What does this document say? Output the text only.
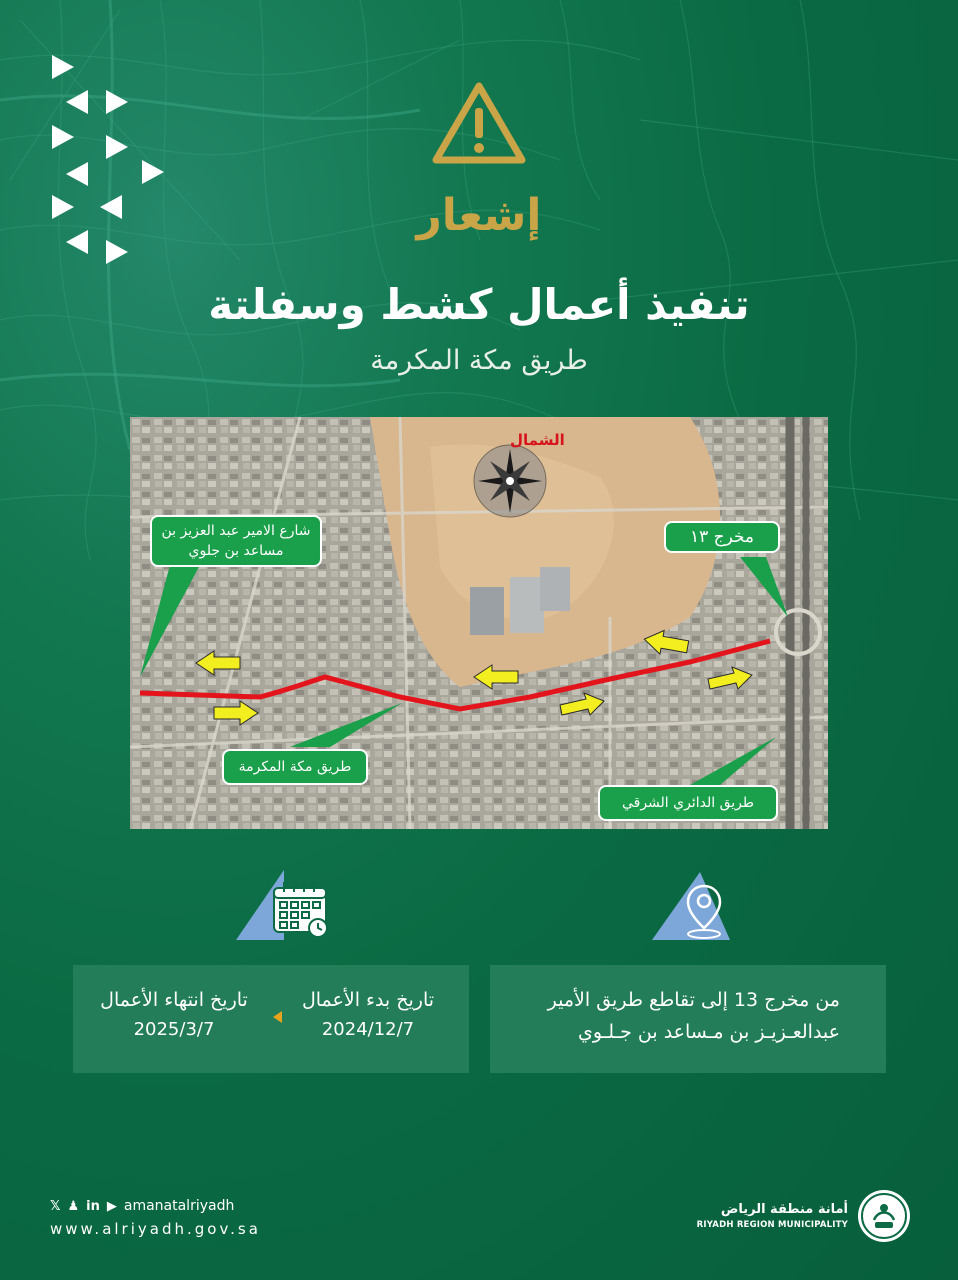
إشعار
تنفيذ أعمال كشط وسفلتة
طريق مكة المكرمة
الشمال
شارع الامير عبد العزيز بن مساعد بن جلوي
مخرج ١٣
طريق مكة المكرمة
طريق الدائري الشرقي
من مخرج 13 إلى تقاطع طريق الأمير
عبدالعـزيـز بن مـساعد بن جـلـوي
تاريخ بدء الأعمال
2024/12/7
تاريخ انتهاء الأعمال
2025/3/7
𝕏 ♟ in ▶ amanatalriyadh
www.alriyadh.gov.sa
أمانة منطقة الرياض
RIYADH REGION MUNICIPALITY
